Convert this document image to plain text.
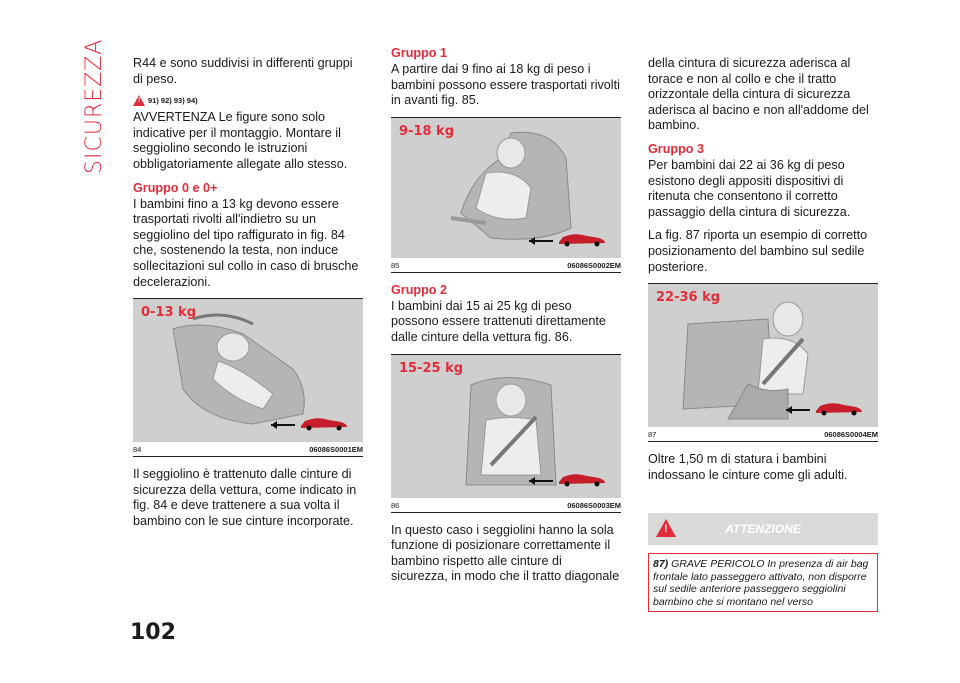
SICUREZZA R44 e sono suddivisi in differenti gruppi di peso.

! 91) 92) 93) 94)

AVVERTENZA Le figure sono solo indicative per il montaggio. Montare il seggiolino secondo le istruzioni obbligatoriamente allegate allo stesso.

Gruppo 0 e 0+

I bambini fino a 13 kg devono essere trasportati rivolti all'indietro su un seggiolino del tipo raffigurato in fig. 84 che, sostenendo la testa, non induce sollecitazioni sul collo in caso di brusche decelerazioni.

0-13 kg
84	06086S0001EM

Il seggiolino è trattenuto dalle cinture di sicurezza della vettura, come indicato in fig. 84 e deve trattenere a sua volta il bambino con le sue cinture incorporate.

Gruppo 1

A partire dai 9 fino ai 18 kg di peso i bambini possono essere trasportati rivolti in avanti fig. 85.

9-18 kg
85	06086S0002EM
Gruppo 2

I bambini dai 15 ai 25 kg di peso possono essere trattenuti direttamente dalle cinture della vettura fig. 86.

15-25 kg
86	06086S0003EM

In questo caso i seggiolini hanno la sola funzione di posizionare correttamente il bambino rispetto alle cinture di sicurezza, in modo che il tratto diagonale

della cintura di sicurezza aderisca al torace e non al collo e che il tratto orizzontale della cintura di sicurezza aderisca al bacino e non all'addome del bambino.

Gruppo 3

Per bambini dai 22 ai 36 kg di peso esistono degli appositi dispositivi di ritenuta che consentono il corretto passaggio della cintura di sicurezza.

La fig. 87 riporta un esempio di corretto posizionamento del bambino sul sedile posteriore.

22-36 kg
87	06086S0004EM

Oltre 1,50 m di statura i bambini indossano le cinture come gli adulti.

!	ATTENZIONE
87) GRAVE PERICOLO In presenza di air bag frontale lato passeggero attivato, non disporre sul sedile anteriore passeggero seggiolini bambino che si montano nel verso
102
